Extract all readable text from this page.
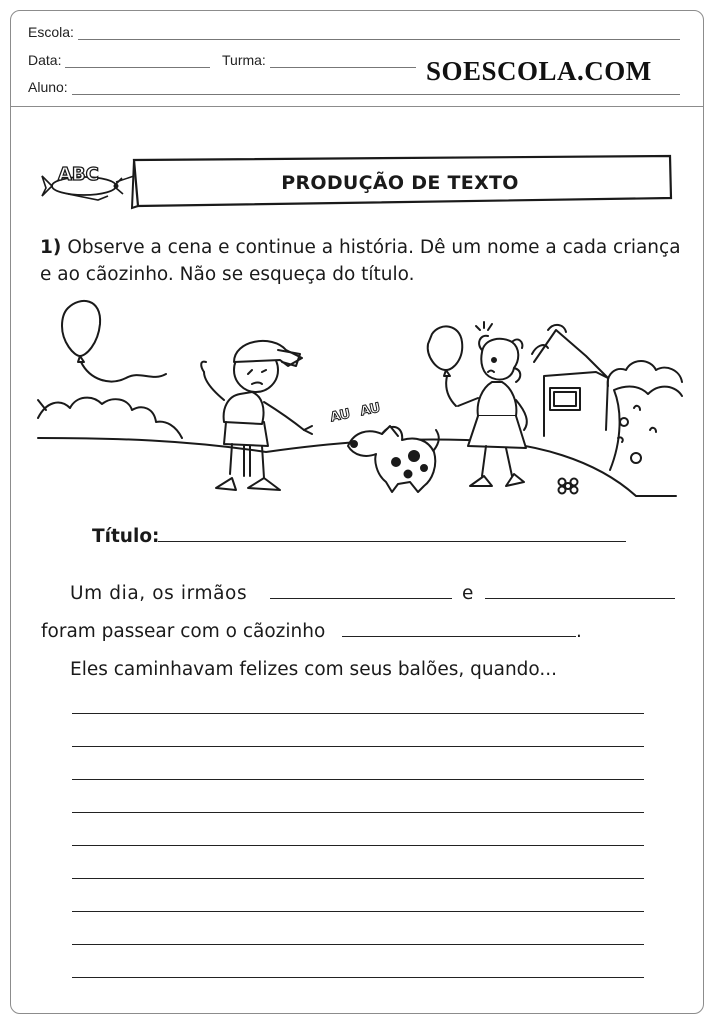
Escola:
Data:	Turma:
Aluno:
SOESCOLA.COM
ABC	PRODUÇÃO DE TEXTO
1) Observe a cena e continue a história. Dê um nome a cada criança e ao cãozinho. Não se esqueça do título.
AU AU
Título:
Um dia, os irmãos	e
foram passear com o cãozinho	.
Eles caminhavam felizes com seus balões, quando...
